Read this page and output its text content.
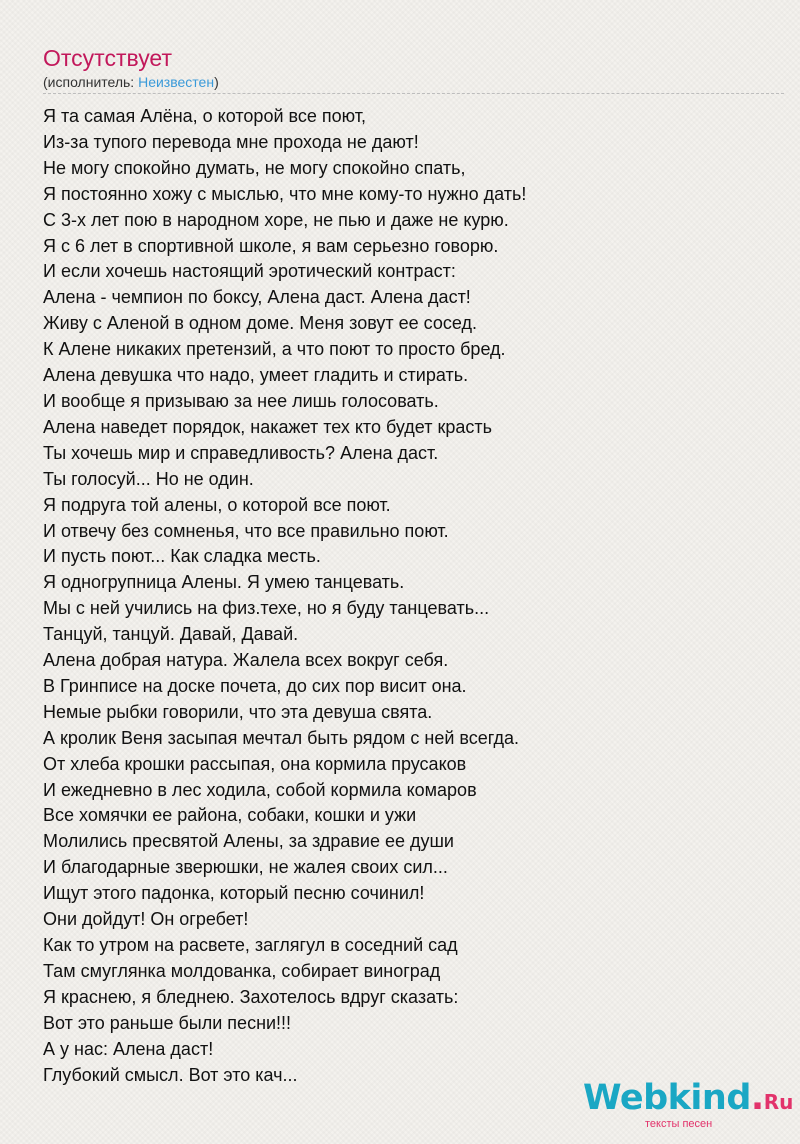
Отсутствует
(исполнитель: Неизвестен)
Я та самая Алёна, о которой все поют,
Из-за тупого перевода мне прохода не дают!
Не могу спокойно думать, не могу спокойно спать,
Я постоянно хожу с мыслью, что мне кому-то нужно дать!
С 3-х лет пою в народном хоре, не пью и даже не курю.
Я с 6 лет в спортивной школе, я вам серьезно говорю.
И если хочешь настоящий эротический контраст:
Алена - чемпион по боксу, Алена даст. Алена даст!
Живу с Аленой в одном доме. Меня зовут ее сосед.
К Алене никаких претензий, а что поют то просто бред.
Алена девушка что надо, умеет гладить и стирать.
И вообще я призываю за нее лишь голосовать.
Алена наведет порядок, накажет тех кто будет красть
Ты хочешь мир и справедливость? Алена даст.
Ты голосуй... Но не один.
Я подруга той алены, о которой все поют.
И отвечу без сомненья, что все правильно поют.
И пусть поют... Как сладка месть.
Я одногрупница Алены. Я умею танцевать.
Мы с ней учились на физ.техе, но я буду танцевать...
Танцуй, танцуй. Давай, Давай.
Алена добрая натура. Жалела всех вокруг себя.
В Гринписе на доске почета, до сих пор висит она.
Немые рыбки говорили, что эта девуша свята.
А кролик Веня засыпая мечтал быть рядом с ней всегда.
От хлеба крошки рассыпая, она кормила прусаков
И ежедневно в лес ходила, собой кормила комаров
Все хомячки ее района, собаки, кошки и ужи
Молились пресвятой Алены, за здравие ее души
И благодарные зверюшки, не жалея своих сил...
Ищут этого падонка, который песню сочинил!
Они дойдут! Он огребет!
Как то утром на расвете, заглягул в соседний сад
Там смуглянка молдованка, собирает виноград
Я краснею, я бледнею. Захотелось вдруг сказать:
Вот это раньше были песни!!!
А у нас: Алена даст!
Глубокий смысл. Вот это кач...
Webkind.Ru
тексты песен
